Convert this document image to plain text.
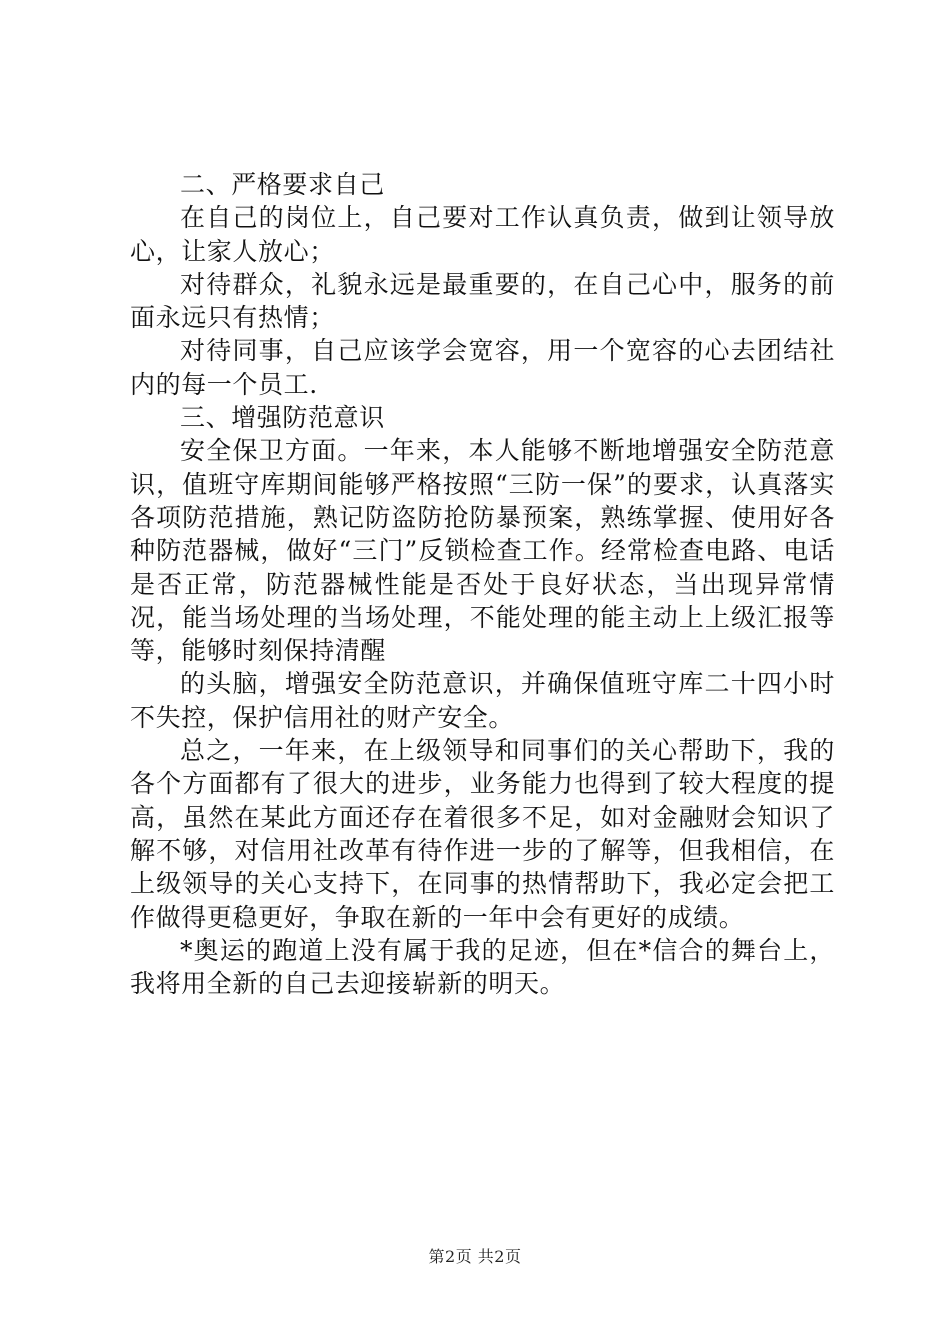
二、严格要求自己

在自己的岗位上，自己要对工作认真负责，做到让领导放心，让家人放心；

对待群众，礼貌永远是最重要的，在自己心中，服务的前面永远只有热情；

对待同事，自己应该学会宽容，用一个宽容的心去团结社内的每一个员工.

三、增强防范意识

安全保卫方面。一年来，本人能够不断地增强安全防范意识，值班守库期间能够严格按照“三防一保”的要求，认真落实各项防范措施，熟记防盗防抢防暴预案，熟练掌握、使用好各种防范器械，做好“三门”反锁检查工作。经常检查电路、电话是否正常，防范器械性能是否处于良好状态，当出现异常情况，能当场处理的当场处理，不能处理的能主动上上级汇报等等，能够时刻保持清醒

的头脑，增强安全防范意识，并确保值班守库二十四小时不失控，保护信用社的财产安全。

总之，一年来，在上级领导和同事们的关心帮助下，我的各个方面都有了很大的进步，业务能力也得到了较大程度的提高，虽然在某此方面还存在着很多不足，如对金融财会知识了解不够，对信用社改革有待作进一步的了解等，但我相信，在上级领导的关心支持下，在同事的热情帮助下，我必定会把工作做得更稳更好，争取在新的一年中会有更好的成绩。

*奥运的跑道上没有属于我的足迹，但在*信合的舞台上，我将用全新的自己去迎接崭新的明天。

第2页 共2页
